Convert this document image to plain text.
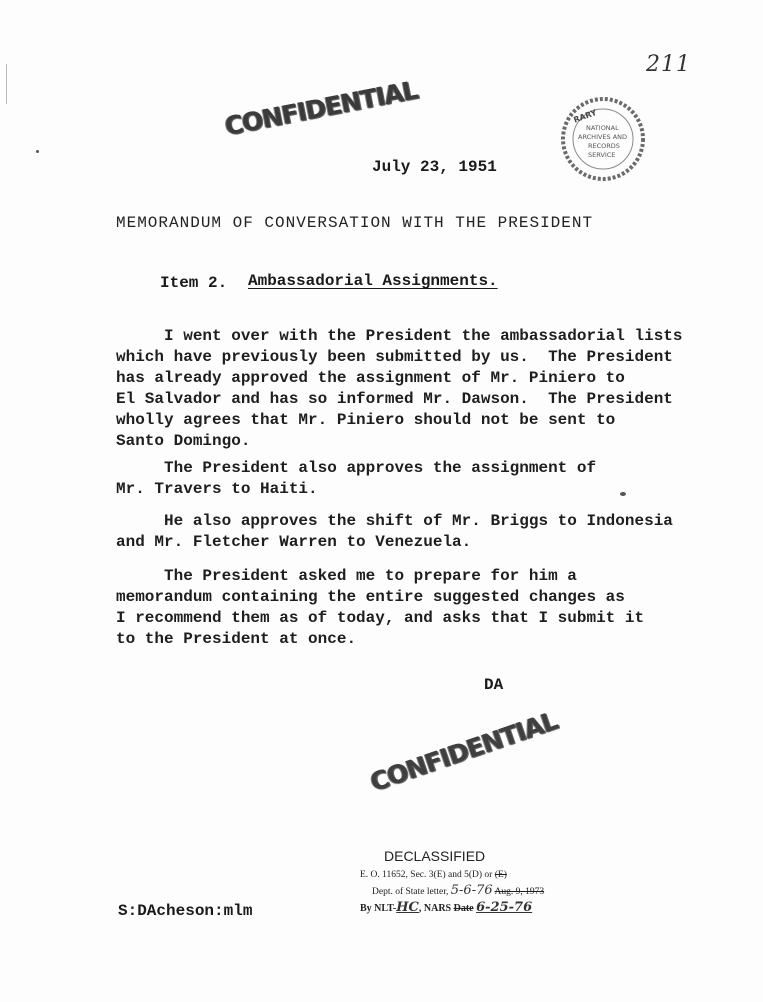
211
RARY
NATIONAL
ARCHIVES AND
RECORDS
SERVICE
CONFIDENTIAL
July 23, 1951
MEMORANDUM OF CONVERSATION WITH THE PRESIDENT
Item 2. Ambassadorial Assignments.
I went over with the President the ambassadorial lists
which have previously been submitted by us.  The President
has already approved the assignment of Mr. Piniero to
El Salvador and has so informed Mr. Dawson.  The President
wholly agrees that Mr. Piniero should not be sent to
Santo Domingo.
The President also approves the assignment of
Mr. Travers to Haiti.
He also approves the shift of Mr. Briggs to Indonesia
and Mr. Fletcher Warren to Venezuela.
The President asked me to prepare for him a
memorandum containing the entire suggested changes as
I recommend them as of today, and asks that I submit it
to the President at once.
DA
CONFIDENTIAL
DECLASSIFIED
E. O. 11652, Sec. 3(E) and 5(D) or (E)
Dept. of State letter, 5-6-76 Aug. 9, 1973
By NLT-HC, NARS Date 6-25-76
S:DAcheson:mlm
